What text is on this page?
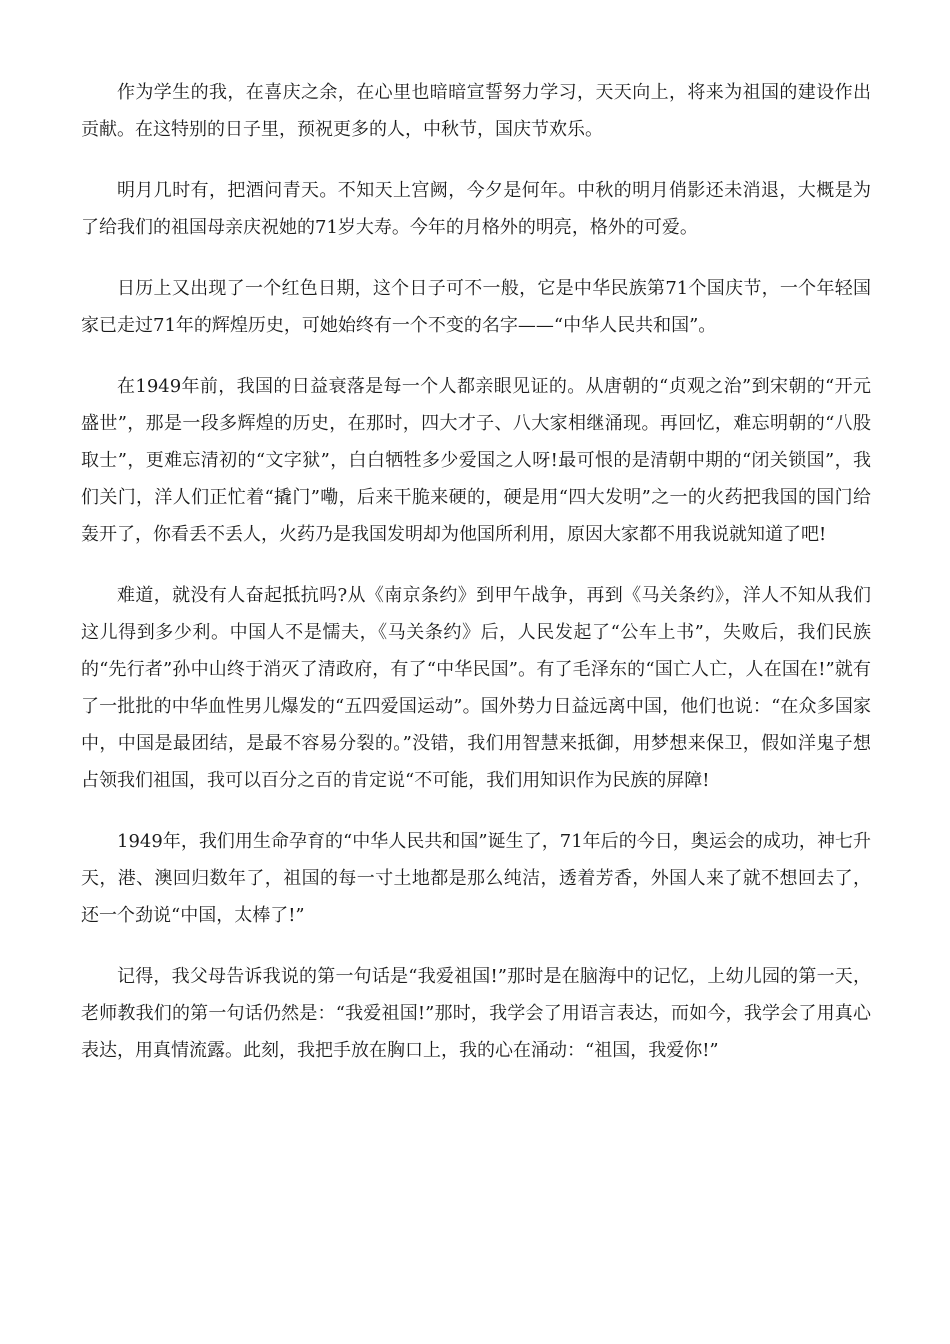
作为学生的我，在喜庆之余，在心里也暗暗宣誓努力学习，天天向上，将来为祖国的建设作出贡献。在这特别的日子里，预祝更多的人，中秋节，国庆节欢乐。

明月几时有，把酒问青天。不知天上宫阙，今夕是何年。中秋的明月俏影还未消退，大概是为了给我们的祖国母亲庆祝她的71岁大寿。今年的月格外的明亮，格外的可爱。

日历上又出现了一个红色日期，这个日子可不一般，它是中华民族第71个国庆节，一个年轻国家已走过71年的辉煌历史，可她始终有一个不变的名字——“中华人民共和国”。

在1949年前，我国的日益衰落是每一个人都亲眼见证的。从唐朝的“贞观之治”到宋朝的“开元盛世”，那是一段多辉煌的历史，在那时，四大才子、八大家相继涌现。再回忆，难忘明朝的“八股取士”，更难忘清初的“文字狱”，白白牺牲多少爱国之人呀!最可恨的是清朝中期的“闭关锁国”，我们关门，洋人们正忙着“撬门”嘞，后来干脆来硬的，硬是用“四大发明”之一的火药把我国的国门给轰开了，你看丢不丢人，火药乃是我国发明却为他国所利用，原因大家都不用我说就知道了吧!

难道，就没有人奋起抵抗吗?从《南京条约》到甲午战争，再到《马关条约》，洋人不知从我们这儿得到多少利。中国人不是懦夫，《马关条约》后，人民发起了“公车上书”，失败后，我们民族的“先行者”孙中山终于消灭了清政府，有了“中华民国”。有了毛泽东的“国亡人亡，人在国在!”就有了一批批的中华血性男儿爆发的“五四爱国运动”。国外势力日益远离中国，他们也说：“在众多国家中，中国是最团结，是最不容易分裂的。”没错，我们用智慧来抵御，用梦想来保卫，假如洋鬼子想占领我们祖国，我可以百分之百的肯定说“不可能，我们用知识作为民族的屏障!

1949年，我们用生命孕育的“中华人民共和国”诞生了，71年后的今日，奥运会的成功，神七升天，港、澳回归数年了，祖国的每一寸土地都是那么纯洁，透着芳香，外国人来了就不想回去了，还一个劲说“中国，太棒了!”

记得，我父母告诉我说的第一句话是“我爱祖国!”那时是在脑海中的记忆，上幼儿园的第一天，老师教我们的第一句话仍然是：“我爱祖国!”那时，我学会了用语言表达，而如今，我学会了用真心表达，用真情流露。此刻，我把手放在胸口上，我的心在涌动：“祖国，我爱你!”
